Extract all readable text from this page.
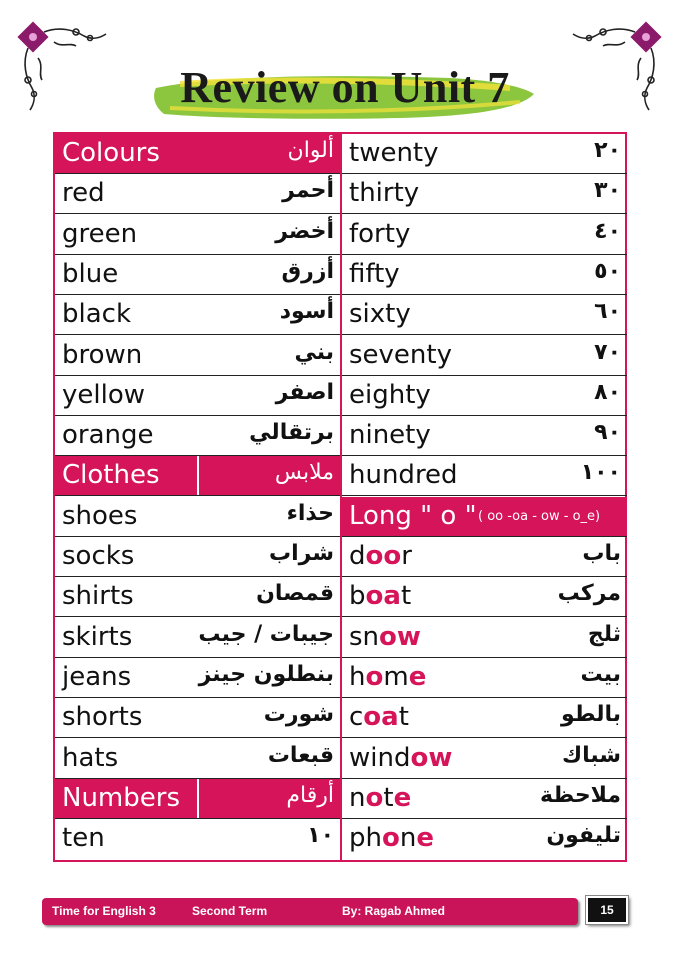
Review on Unit 7
Colours	ألوان
red	أحمر
green	أخضر
blue	أزرق
black	أسود
brown	بني
yellow	اصفر
orange	برتقالي
Clothes	ملابس
shoes	حذاء
socks	شراب
shirts	قمصان
skirts	جيبات / جيب
jeans	بنطلون جينز
shorts	شورت
hats	قبعات
Numbers	أرقام
ten	١٠
twenty	٢٠
thirty	٣٠
forty	٤٠
fifty	٥٠
sixty	٦٠
seventy	٧٠
eighty	٨٠
ninety	٩٠
hundred	١٠٠
Long " o " ( oo -oa - ow - o_e)
door	باب
boat	مركب
snow	ثلج
home	بيت
coat	بالطو
window	شباك
note	ملاحظة
phone	تليفون
Time for English 3	Second Term	By: Ragab Ahmed	15
